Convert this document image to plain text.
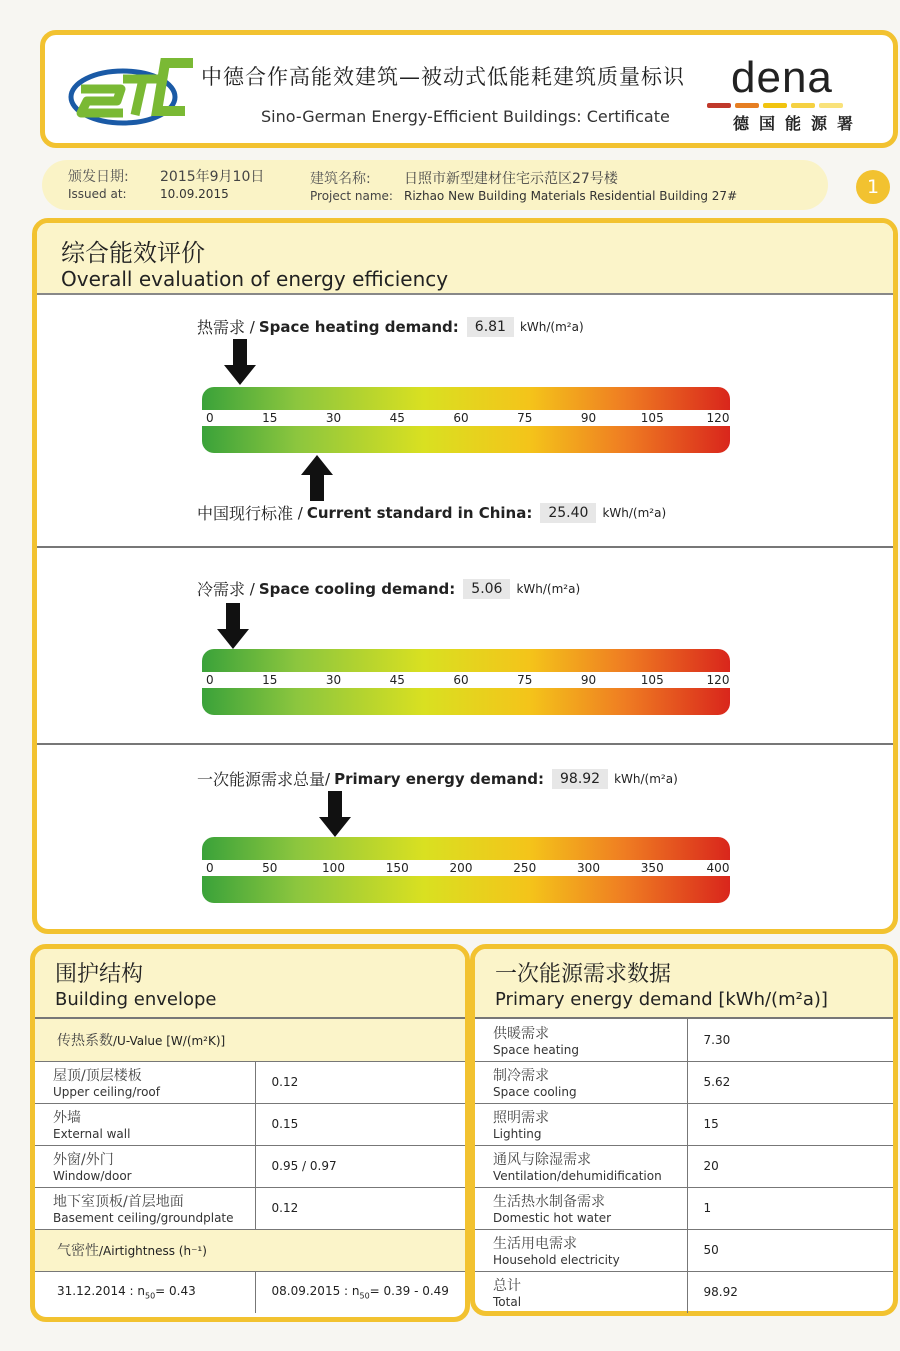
中德合作高能效建筑—被动式低能耗建筑质量标识
Sino-German Energy-Efficient Buildings: Certificate
dena
德国能源署
颁发日期:
Issued at:
2015年9月10日
10.09.2015
建筑名称:
Project name:
日照市新型建材住宅示范区27号楼
Rizhao New Building Materials Residential Building 27#	1
综合能效评价
Overall evaluation of energy efficiency
热需求 / Space heating demand:	6.81	kWh/(m²a)
0	15	30	45	60	75	90	105	120
中国现行标准 / Current standard in China:	25.40	kWh/(m²a)
冷需求 / Space cooling demand:	5.06	kWh/(m²a)
0	15	30	45	60	75	90	105	120
一次能源需求总量 / Primary energy demand:	98.92	kWh/(m²a)
0	50	100	150	200	250	300	350	400
围护结构
Building envelope
传热系数/U-Value [W/(m²K)]	

屋顶/顶层楼板
Upper ceiling/roof	0.12

外墙
External wall	0.15

外窗/外门
Window/door	0.95 / 0.97

地下室顶板/首层地面
Basement ceiling/groundplate	0.12
气密性/Airtightness (h⁻¹)	
31.12.2014 : $n_{50}= 0.43$	08.09.2015 : $n_{50}= 0.39 - 0.49$
一次能源需求数据
Primary energy demand [kWh/(m²a)]
供暖需求
Space heating	7.30

制冷需求
Space cooling	5.62

照明需求
Lighting	15

通风与除湿需求
Ventilation/dehumidification	20

生活热水制备需求
Domestic hot water	1

生活用电需求
Household electricity	50

总计
Total	98.92
